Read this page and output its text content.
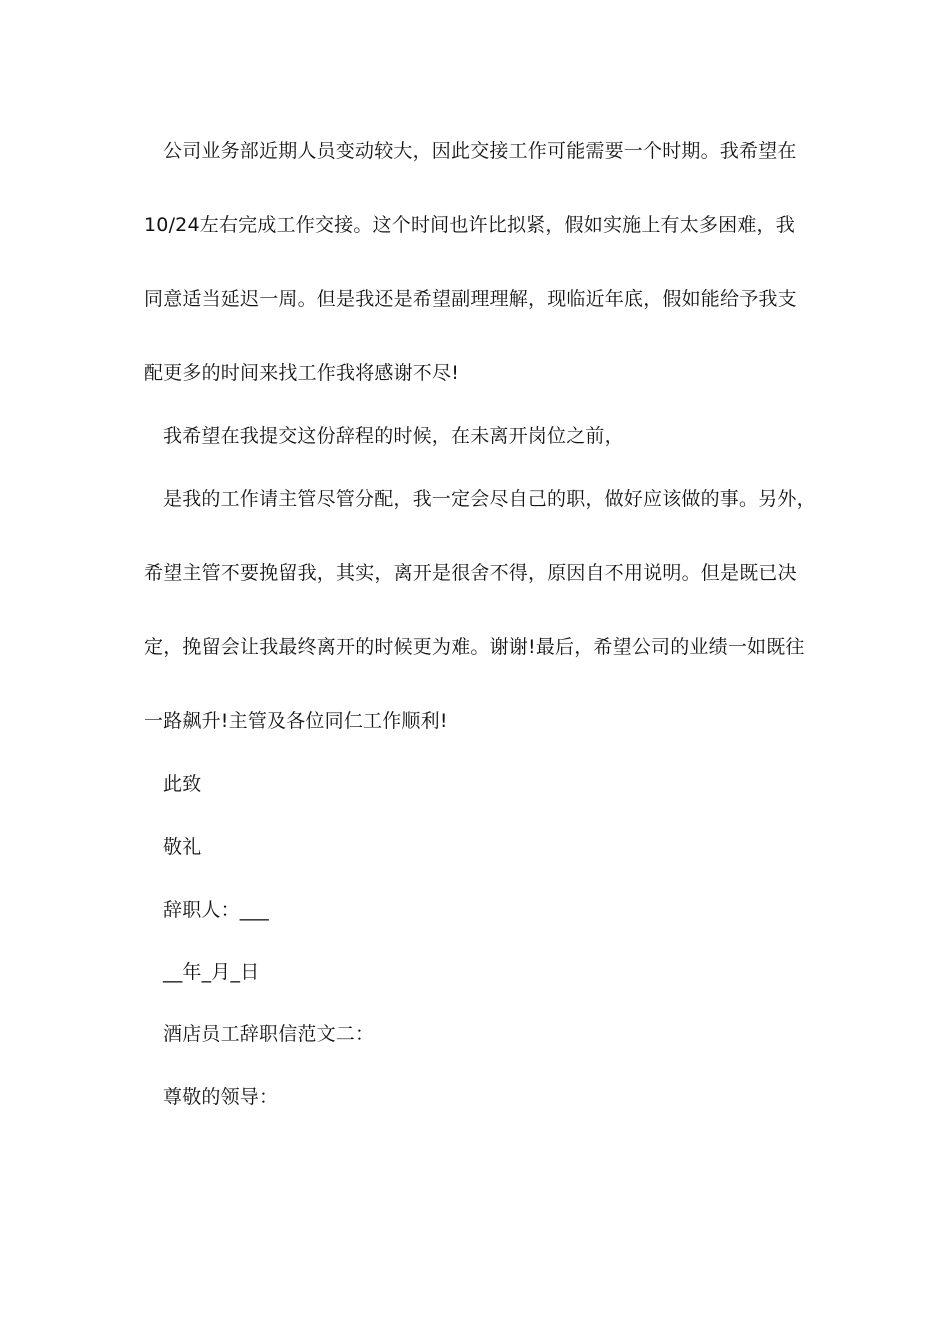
公司业务部近期人员变动较大，因此交接工作可能需要一个时期。我希望在
10/24左右完成工作交接。这个时间也许比拟紧，假如实施上有太多困难，我
同意适当延迟一周。但是我还是希望副理理解，现临近年底，假如能给予我支
配更多的时间来找工作我将感谢不尽!
我希望在我提交这份辞程的时候，在未离开岗位之前，
是我的工作请主管尽管分配，我一定会尽自己的职，做好应该做的事。另外，
希望主管不要挽留我，其实，离开是很舍不得，原因自不用说明。但是既已决
定，挽留会让我最终离开的时候更为难。谢谢!最后，希望公司的业绩一如既往
一路飙升!主管及各位同仁工作顺利!
此致
敬礼
辞职人：___
__年_月_日
酒店员工辞职信范文二：
尊敬的领导：
